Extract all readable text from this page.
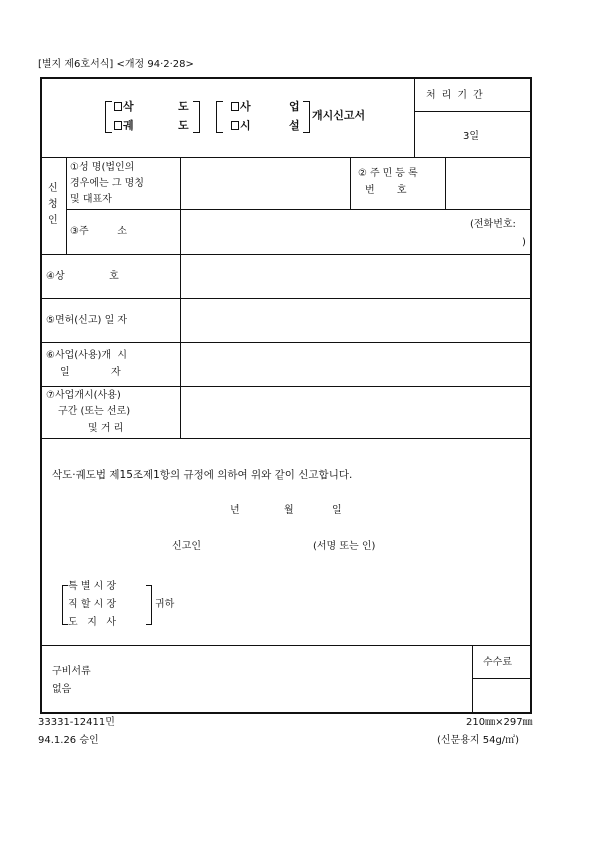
[별지 제6호서식] <개정 94·2·28>
삭	도
궤	도
사	업
시	설
개시신고서
처리기간
3일
신
청
인
①성 명(법인의
경우에는 그 명칭
및 대표자
②주민등록
번       호
③주         소
(전화번호:
)
④상              호
⑤면허(신고) 일 자
⑥사업(사용)개  시
일             자
⑦사업개시(사용)
구간 (또는 선로)
및 거 리
삭도·궤도법 제15조제1항의 규정에 의하여 위와 같이 신고합니다.
년	월	일
신고인	(서명 또는 인)
특 별 시 장
직 할 시 장
도   지   사
귀하
구비서류
없음
수수료
33331-12411민
94.1.26 승인
210㎜×297㎜
(신문용지 54g/㎡)
